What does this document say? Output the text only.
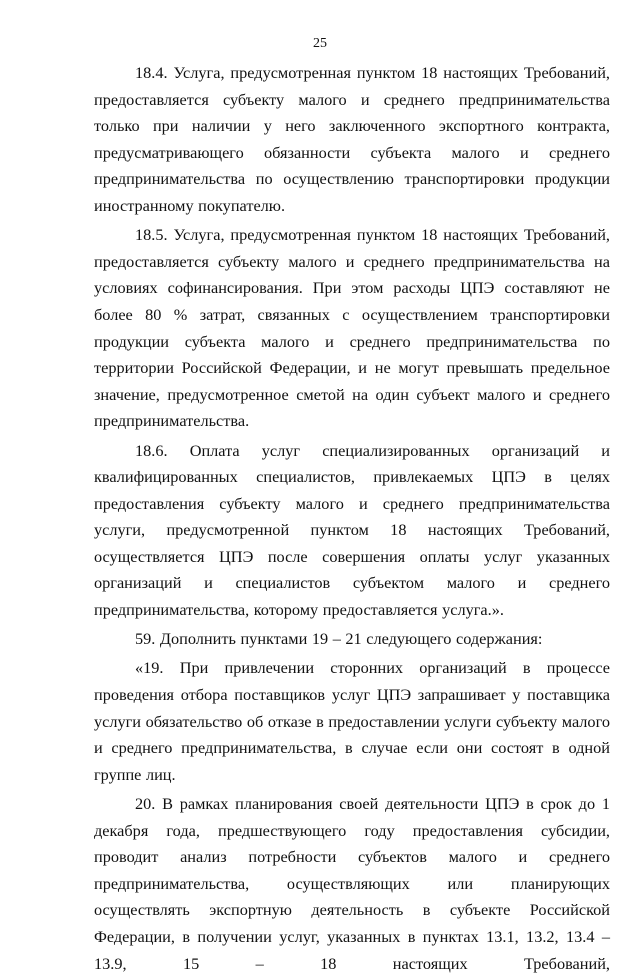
25

18.4. Услуга, предусмотренная пунктом 18 настоящих Требований, предоставляется субъекту малого и среднего предпринимательства только при наличии у него заключенного экспортного контракта, предусматривающего обязанности субъекта малого и среднего предпринимательства по осуществлению транспортировки продукции иностранному покупателю.

18.5. Услуга, предусмотренная пунктом 18 настоящих Требований, предоставляется субъекту малого и среднего предпринимательства на условиях софинансирования. При этом расходы ЦПЭ составляют не более 80 % затрат, связанных с осуществлением транспортировки продукции субъекта малого и среднего предпринимательства по территории Российской Федерации, и не могут превышать предельное значение, предусмотренное сметой на один субъект малого и среднего предпринимательства.

18.6. Оплата услуг специализированных организаций и квалифицированных специалистов, привлекаемых ЦПЭ в целях предоставления субъекту малого и среднего предпринимательства услуги, предусмотренной пунктом 18 настоящих Требований, осуществляется ЦПЭ после совершения оплаты услуг указанных организаций и специалистов субъектом малого и среднего предпринимательства, которому предоставляется услуга.».

59. Дополнить пунктами 19 – 21 следующего содержания:

«19. При привлечении сторонних организаций в процессе проведения отбора поставщиков услуг ЦПЭ запрашивает у поставщика услуги обязательство об отказе в предоставлении услуги субъекту малого и среднего предпринимательства, в случае если они состоят в одной группе лиц.

20. В рамках планирования своей деятельности ЦПЭ в срок до 1 декабря года, предшествующего году предоставления субсидии, проводит анализ потребности субъектов малого и среднего предпринимательства, осуществляющих или планирующих осуществлять экспортную деятельность в субъекте Российской Федерации, в получении услуг, указанных в пунктах 13.1, 13.2, 13.4 – 13.9, 15 – 18 настоящих Требований,
